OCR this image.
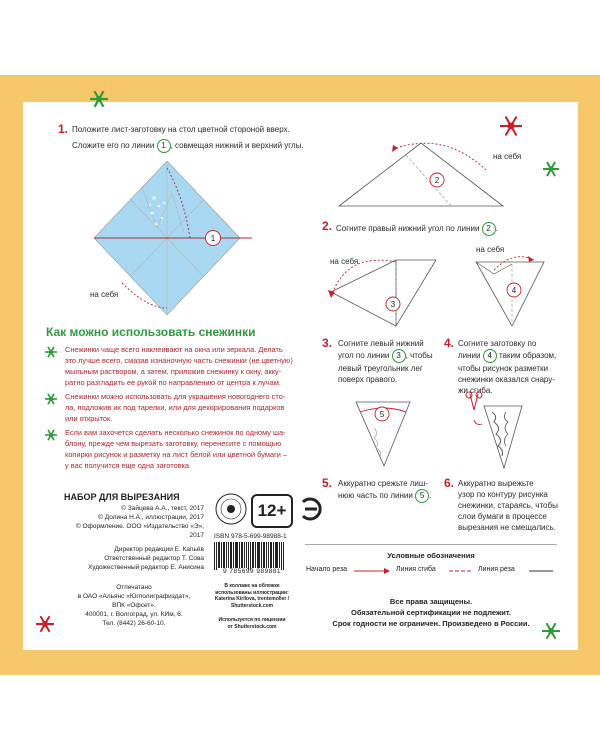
1. Положите лист-заготовку на стол цветной стороной вверх.
Сложите его по линии 1 , совмещая нижний и верхний углы.
1
на себя
2
на себя
2. Согните правый нижний угол по линии 2 .
на себя
3
на себя
4
3. Согните левый нижний
угол по линии 3 , чтобы
левый треугольник лег
поверх правого.
4. Согните заготовку по
линии 4 таким образом,
чтобы рисунок разметки
снежинки оказался снару-
жи сгиба.
5
5. Аккуратно срежьте лиш-
нюю часть по линии 5 .
6. Аккуратно вырежьте
узор по контуру рисунка
снежинки, стараясь, чтобы
слои бумаги в процессе
вырезания не смещались.
Как можно использовать снежинки
Снежинки чаще всего наклеивают на окна или зеркала. Делать
это лучше всего, смазав изнаночную часть снежинки (не цветную)
мыльным раствором, а затем, приложив снежинку к окну, акку-
ратно разгладить ее рукой по направлению от центра к лучам.
Снежинки можно использовать для украшения новогоднего сто-
ла, подложив их под тарелки, или для декорирования подарков
или открыток.
Если вам захочется сделать несколько снежинок по одному ша-
блону, прежде чем вырезать заготовку, перенесите с помощью
копирки рисунок и разметку на лист белой или цветной бумаги –
у вас получится еще одна заготовка.
НАБОР ДЛЯ ВЫРЕЗАНИЯ
© Зайцева А.А., текст, 2017
© Долина Н.А., иллюстрации, 2017
© Оформление. ООО «Издательство «Э», 2017
Директор редакции Е. Капьёв
Ответственный редактор Т. Сова
Художественный редактор Е. Анисина
Отпечатано
в ОАО «Альянс «Югполиграфиздат»,
ВПК «Офсет».
400001, г. Волгоград, ул. КИм, 6.
Тел. (8442) 26-60-10.
12+
ISBN 978-5-699-98988-1
9 785699 989881
В коллаже на обложке
использованы иллюстрации:
Katerina Kirilova, trentemoller /
Shutterstock.com
Используется по лицензии
от Shutterstock.com
Условные обозначения
Начало реза	Линия сгиба	Линия реза
Все права защищены.
Обязательной сертификации не подлежит.
Срок годности не ограничен. Произведено в России.
